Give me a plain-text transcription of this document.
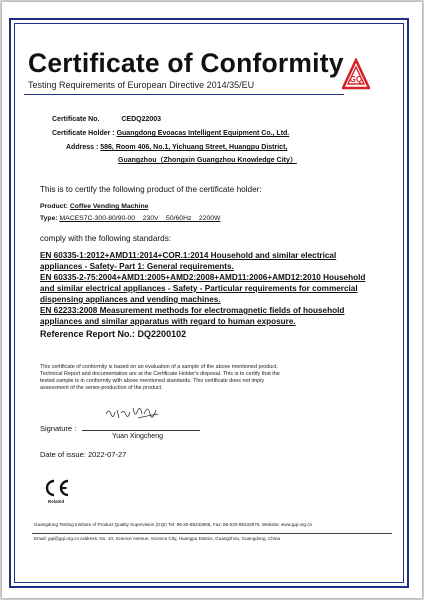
Certificate of Conformity
Testing Requirements of European Directive 2014/35/EU
GQ
Certificate No.	CEDQ22003
Certificate Holder : Guangdong Evoacas Intelligent Equipment Co., Ltd.
Address : 586, Room 406, No.1, Yichuang Street, Huangpu District,
Guangzhou（Zhongxin Guangzhou Knowledge City）
This is to certify the following product of the certificate holder:
Product: Coffee Vending Machine
Type: MACES7C-300-80/90-00    230V    50/60Hz    2200W
comply with the following standards:
EN 60335-1:2012+AMD11:2014+COR.1:2014 Household and similar electrical
appliances - Safety- Part 1: General requirements.
EN 60335-2-75:2004+AMD1:2005+AMD2:2008+AMD11:2006+AMD12:2010 Household
and similar electrical appliances - Safety - Particular requirements for commercial
dispensing appliances and vending machines.
EN 62233:2008 Measurement methods for electromagnetic fields of household
appliances and similar apparatus with regard to human exposure.
Reference Report No.: DQ2200102
This certificate of conformity is based on an evaluation of a sample of the above mentioned product.
Technical Report and documentation are at the Certificate Holder's disposal. This is to certify that the
tested sample is in conformity with above mentioned standards. This certificate does not imply
assessment of the series-production of the product.
Signature :
Yuan Xingcheng
Date of issue: 2022-07-27
Related
Guangdong Testing Institute of Product Quality Supervision (GQI) Tel: 86-20-89232806, Fax: 86-020-89232876, Website: www.gqi.org.cn
Email: gqi@gqi.org.cn Address: No. 10, Science Avenue, Science City, Huangpu District, Guangzhou, Guangdong, China
